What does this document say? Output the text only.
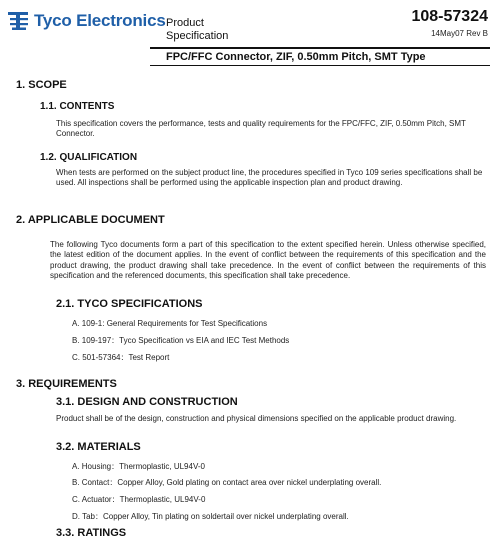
Tyco Electronics Product
Specification
108-57324
14May07 Rev B
FPC/FFC Connector, ZIF, 0.50mm Pitch, SMT Type
1. SCOPE
1.1. CONTENTS
This specification covers the performance, tests and quality requirements for the FPC/FFC, ZIF, 0.50mm Pitch, SMT Connector.
1.2. QUALIFICATION
When tests are performed on the subject product line, the procedures specified in Tyco 109 series specifications shall be used. All inspections shall be performed using the applicable inspection plan and product drawing.
2. APPLICABLE DOCUMENT
The following Tyco documents form a part of this specification to the extent specified herein. Unless otherwise specified, the latest edition of the document applies. In the event of conflict between the requirements of this specification and the product drawing, the product drawing shall take precedence. In the event of conflict between the requirements of this specification and the referenced documents, this specification shall take precedence.
2.1. TYCO SPECIFICATIONS
A. 109-1: General Requirements for Test Specifications
B. 109-197：Tyco Specification vs EIA and IEC Test Methods
C. 501-57364：Test Report
3. REQUIREMENTS
3.1. DESIGN AND CONSTRUCTION
Product shall be of the design, construction and physical dimensions specified on the applicable product drawing.
3.2. MATERIALS
A. Housing：Thermoplastic, UL94V-0
B. Contact：Copper Alloy, Gold plating on contact area over nickel underplating overall.
C. Actuator：Thermoplastic, UL94V-0
D. Tab：Copper Alloy, Tin plating on soldertail over nickel underplating overall.
3.3. RATINGS
